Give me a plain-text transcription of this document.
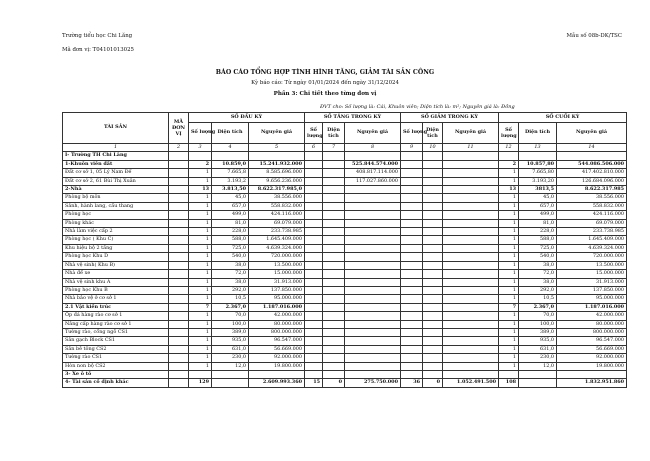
Trường tiểu học Chi Lăng
Mã đơn vị: T04101013025
Mẫu số 08b-DK/TSC
BÁO CÁO TỔNG HỢP TÌNH HÌNH TĂNG, GIẢM TÀI SẢN CÔNG
Kỳ báo cáo: Từ ngày 01/01/2024 đến ngày 31/12/2024
Phần 3: Chi tiết theo từng đơn vị
ĐVT cho: Số lượng là: Cái, Khuôn viên; Diện tích là: m²; Nguyên giá là: Đồng
TÀI SẢN	MÃ ĐƠN VỊ	SỐ ĐẦU KỲ			SỐ TĂNG TRONG KỲ			SỐ GIẢM TRONG KỲ			SỐ CUỐI KỲ		
		Số lượng	Diện tích	Nguyên giá	Số lượng	Diện tích	Nguyên giá	Số lượng	Diện tích	Nguyên giá	Số lượng	Diện tích	Nguyên giá
1	2	3	4	5	6	7	8	9	10	11	12	13	14
I- Trường TH Chi Lăng													
1-Khuôn viên đất		2	10.859,0	15.241.932.000			525.844.574.000				2	10.857,80	544.086.506.000
Đất cơ sở 1, 05 Lý Nam Đế		1	7.665,8	8.585.696.000			408.817.114.000				1	7.665,80	417.402.810.000
Đất cơ sở 2, 61 Bùi Thị Xuân		1	3.193,2	9.656.236.000			117.027.860.000				1	3.193,20	126.684.096.000
2-Nhà		13	3.813,50	8.622.317.985,0							13	3813,5	8.622.317.985
Phòng bộ môn		1	45,0	38.556.000							1	45,0	38.556.000
Sảnh, hành lang, cầu thang		1	657,0	558.832.000							1	657,0	558.832.000
Phòng học		1	499,0	424.116.000							1	499,0	424.116.000
Phòng khác		1	81,0	69.079.000							1	81,0	69.079.000
Nhà làm việc cấp 2		1	228,0	233.738.985							1	228,0	233.738.985
Phòng học ( Khu C)		1	588,0	1.645.409.000							1	588,0	1.645.409.000
Khu hiệu bộ 2 tầng		1	725,0	4.639.324.000							1	725,0	4.639.324.000
Phòng học Khu D		1	540,0	720.000.000							1	540,0	720.000.000
Nhà vệ sinh( Khu B)		1	38,0	13.500.000							1	38,0	13.500.000
Nhà để xe		1	72,0	15.000.000							1	72,0	15.000.000
Nhà vệ sinh khu A		1	38,0	31.913.000							1	38,0	31.913.000
Phòng học Khu B		1	292,0	137.850.000							1	292,0	137.850.000
Nhà bảo vệ ở cơ sở 1		1	10,5	95.000.000							1	10,5	95.000.000
2.1 Vật kiến trúc		7	2.367,0	1.187.016.000							7	2.367,0	1.187.016.000
Ốp đá hàng rào cơ sở 1		1	70,0	42.000.000							1	70,0	42.000.000
Nâng cấp hàng rào cơ sở 1		1	100,0	80.000.000							1	100,0	80.000.000
Tường rào, cổng ngõ CS1		1	389,0	800.000.000							1	389,0	800.000.000
Sân gạch Block CS1		1	935,0	96.547.000							1	935,0	96.547.000
Sân bê tông CS2		1	631,0	56.669.000							1	631,0	56.669.000
Tường rào CS1		1	230,0	92.000.000							1	230,0	92.000.000
Hòn non bộ CS2		1	12,0	19.800.000							1	12,0	19.800.000
3- Xe ô tô													
4- Tài sản cố định khác		129		2.609.993.360	15	0	275.750.000	36	0	1.052.491.500	108		1.832.951.860
